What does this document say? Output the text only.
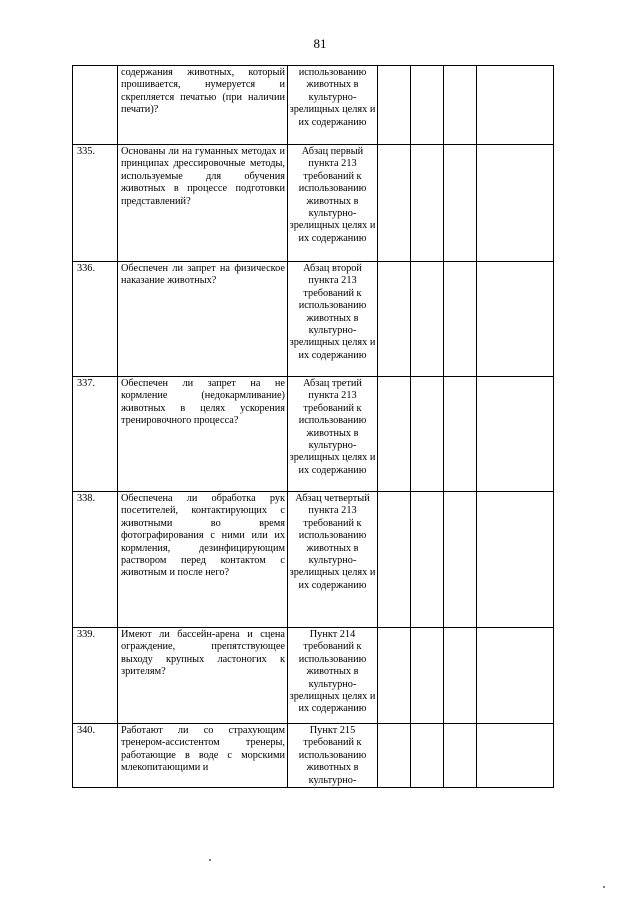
81
	содержания животных, который прошивается, нумеруется и скрепляется печатью (при наличии печати)?	использованию животных в культурно-зрелищных целях и их содержанию				
335.	Основаны ли на гуманных методах и принципах дрессировочные методы, используемые для обучения животных в процессе подготовки представлений?	Абзац первый пункта 213 требований к использованию животных в культурно-зрелищных целях и их содержанию				
336.	Обеспечен ли запрет на физическое наказание животных?	Абзац второй пункта 213 требований к использованию животных в культурно-зрелищных целях и их содержанию				
337.	Обеспечен ли запрет на не кормление (недокармливание) животных в целях ускорения тренировочного процесса?	Абзац третий пункта 213 требований к использованию животных в культурно-зрелищных целях и их содержанию				
338.	Обеспечена ли обработка рук посетителей, контактирующих с животными во время фотографирования с ними или их кормления, дезинфицирующим раствором перед контактом с животным и после него?	Абзац четвертый пункта 213 требований к использованию животных в культурно-зрелищных целях и их содержанию				
339.	Имеют ли бассейн-арена и сцена ограждение, препятствующее выходу крупных ластоногих к зрителям?	Пункт 214 требований к использованию животных в культурно-зрелищных целях и их содержанию				
340.	Работают ли со страхующим тренером-ассистентом тренеры, работающие в воде с морскими млекопитающими и	Пункт 215 требований к использованию животных в культурно-				
